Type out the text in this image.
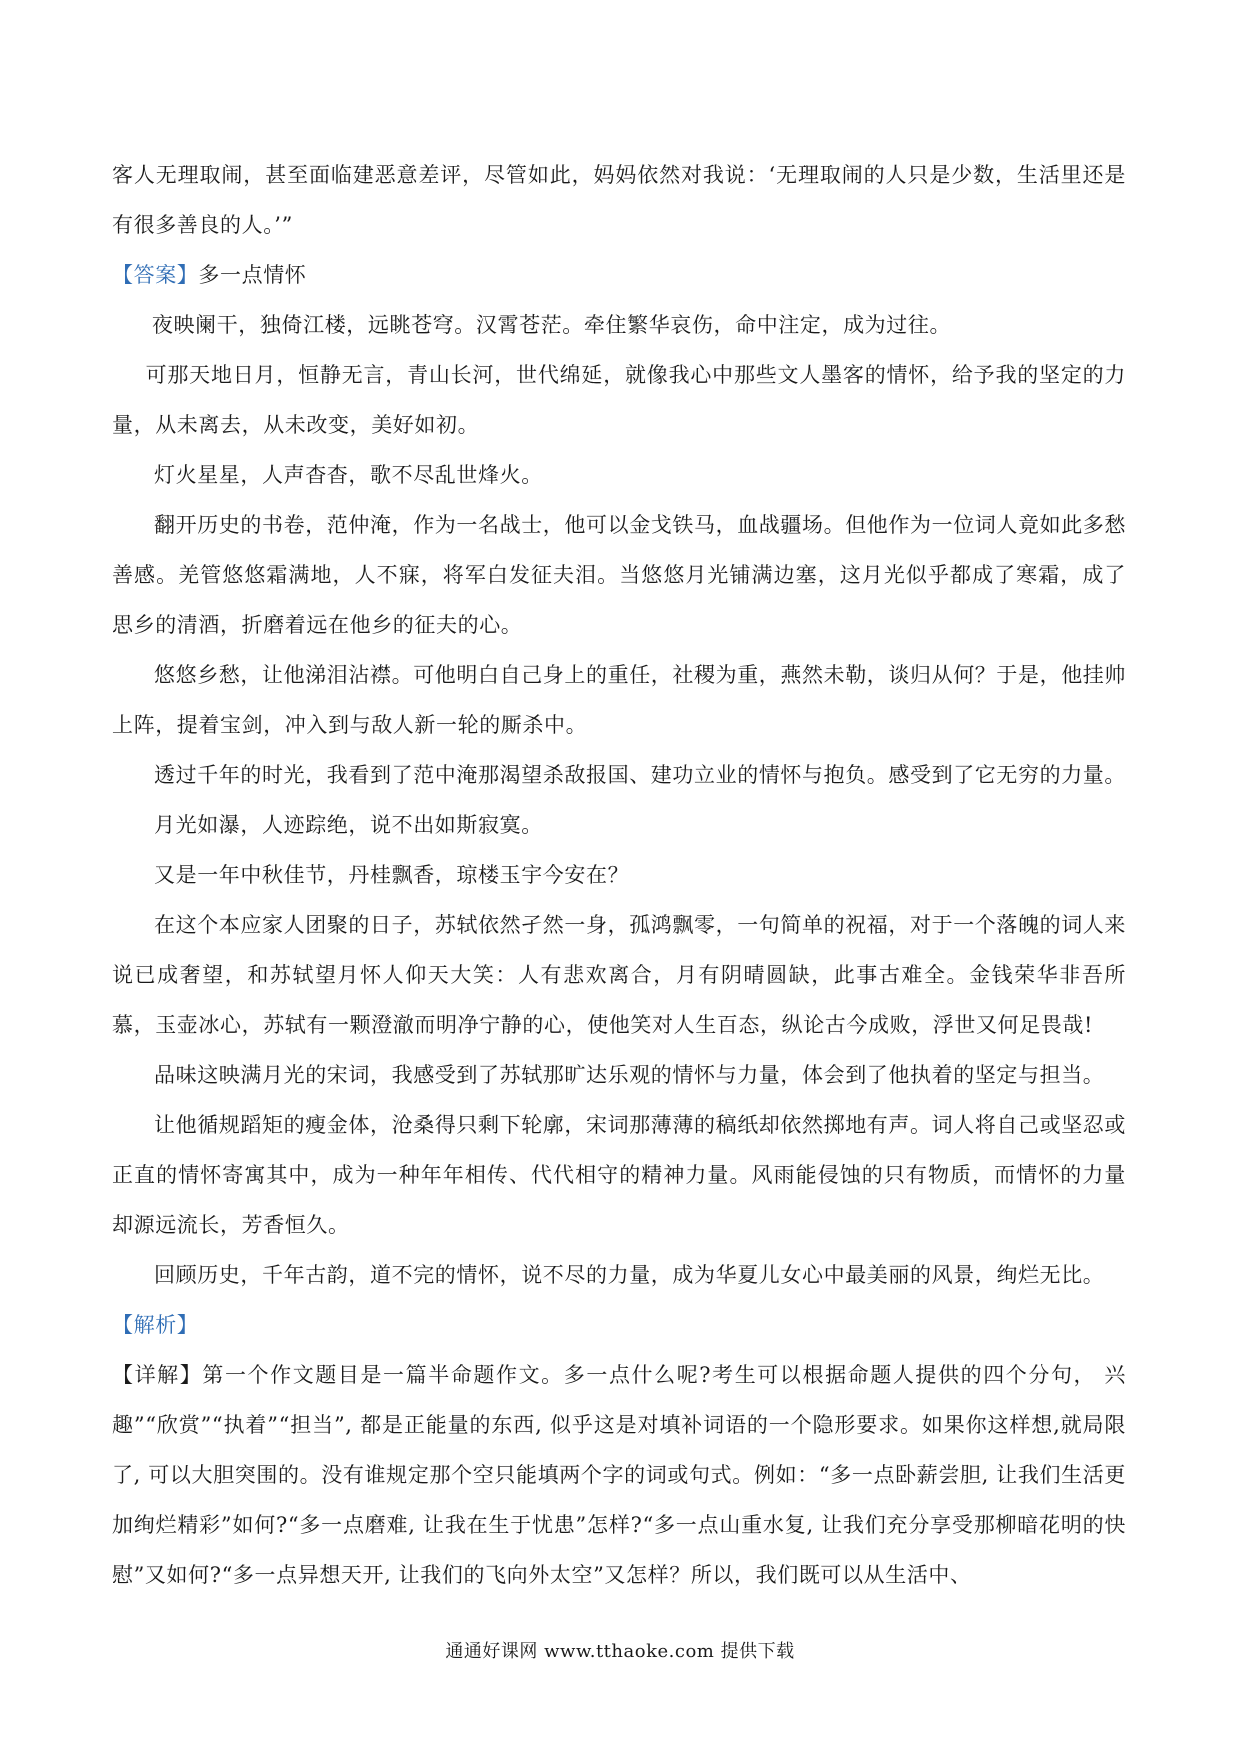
客人无理取闹，甚至面临建恶意差评，尽管如此，妈妈依然对我说：‘无理取闹的人只是少数，生活里还是有很多善良的人。’”

【答案】多一点情怀

夜映阑干，独倚江楼，远眺苍穹。汉霄苍茫。牵住繁华哀伤，命中注定，成为过往。

可那天地日月，恒静无言，青山长河，世代绵延，就像我心中那些文人墨客的情怀，给予我的坚定的力量，从未离去，从未改变，美好如初。

灯火星星，人声杳杳，歌不尽乱世烽火。

翻开历史的书卷，范仲淹，作为一名战士，他可以金戈铁马，血战疆场。但他作为一位词人竟如此多愁善感。羌管悠悠霜满地，人不寐，将军白发征夫泪。当悠悠月光铺满边塞，这月光似乎都成了寒霜，成了思乡的清酒，折磨着远在他乡的征夫的心。

悠悠乡愁，让他涕泪沾襟。可他明白自己身上的重任，社稷为重，燕然未勒，谈归从何？于是，他挂帅上阵，提着宝剑，冲入到与敌人新一轮的厮杀中。

透过千年的时光，我看到了范中淹那渴望杀敌报国、建功立业的情怀与抱负。感受到了它无穷的力量。

月光如瀑，人迹踪绝，说不出如斯寂寞。

又是一年中秋佳节，丹桂飘香，琼楼玉宇今安在？

在这个本应家人团聚的日子，苏轼依然孑然一身，孤鸿飘零，一句简单的祝福，对于一个落魄的词人来说已成奢望，和苏轼望月怀人仰天大笑：人有悲欢离合，月有阴晴圆缺，此事古难全。金钱荣华非吾所慕，玉壶冰心，苏轼有一颗澄澈而明净宁静的心，使他笑对人生百态，纵论古今成败，浮世又何足畏哉!

品味这映满月光的宋词，我感受到了苏轼那旷达乐观的情怀与力量，体会到了他执着的坚定与担当。

让他循规蹈矩的瘦金体，沧桑得只剩下轮廓，宋词那薄薄的稿纸却依然掷地有声。词人将自己或坚忍或正直的情怀寄寓其中，成为一种年年相传、代代相守的精神力量。风雨能侵蚀的只有物质，而情怀的力量却源远流长，芳香恒久。

回顾历史，千年古韵，道不完的情怀，说不尽的力量，成为华夏儿女心中最美丽的风景，绚烂无比。

【解析】

【详解】第一个作文题目是一篇半命题作文。多一点什么呢?考生可以根据命题人提供的四个分句， 兴趣”“欣赏”“执着”“担当”, 都是正能量的东西, 似乎这是对填补词语的一个隐形要求。如果你这样想,就局限了, 可以大胆突围的。没有谁规定那个空只能填两个字的词或句式。例如：“多一点卧薪尝胆, 让我们生活更加绚烂精彩”如何?“多一点磨难, 让我在生于忧患”怎样?“多一点山重水复, 让我们充分享受那柳暗花明的快慰”又如何?“多一点异想天开, 让我们的飞向外太空”又怎样？所以，我们既可以从生活中、

通通好课网 www.tthaoke.com 提供下载
